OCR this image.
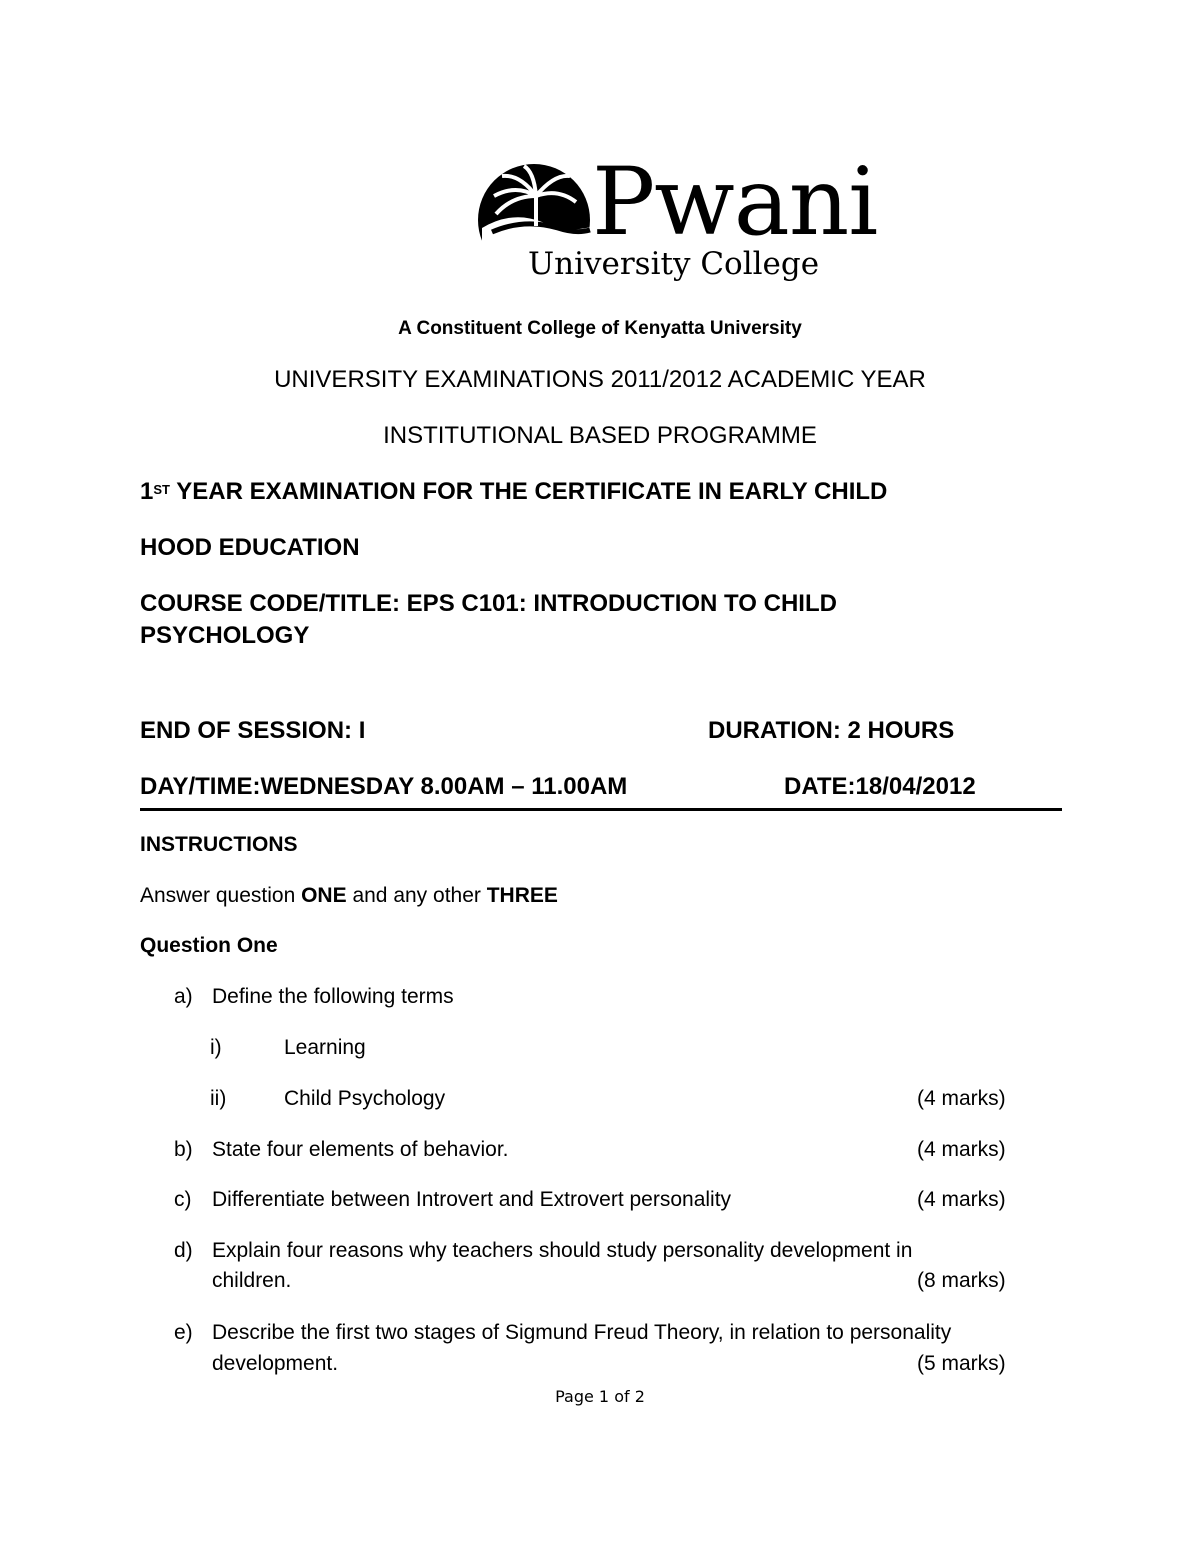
Pwani
University College
A Constituent College of Kenyatta University
UNIVERSITY EXAMINATIONS 2011/2012 ACADEMIC YEAR
INSTITUTIONAL BASED PROGRAMME
1ST YEAR EXAMINATION FOR THE CERTIFICATE IN EARLY CHILD
HOOD EDUCATION
COURSE CODE/TITLE: EPS C101: INTRODUCTION TO CHILD
PSYCHOLOGY
END OF SESSION: I	DURATION: 2 HOURS
DAY/TIME:WEDNESDAY 8.00AM – 11.00AM	DATE:18/04/2012
INSTRUCTIONS
Answer question ONE and any other THREE
Question One
a) Define the following terms
i)	Learning
ii)	Child Psychology	(4 marks)
b) State four elements of behavior.	(4 marks)
c) Differentiate between Introvert and Extrovert personality	(4 marks)
d) Explain four reasons why teachers should study personality development in
children.	(8 marks)
e) Describe the first two stages of Sigmund Freud Theory, in relation to personality
development.	(5 marks)
Page 1 of 2
